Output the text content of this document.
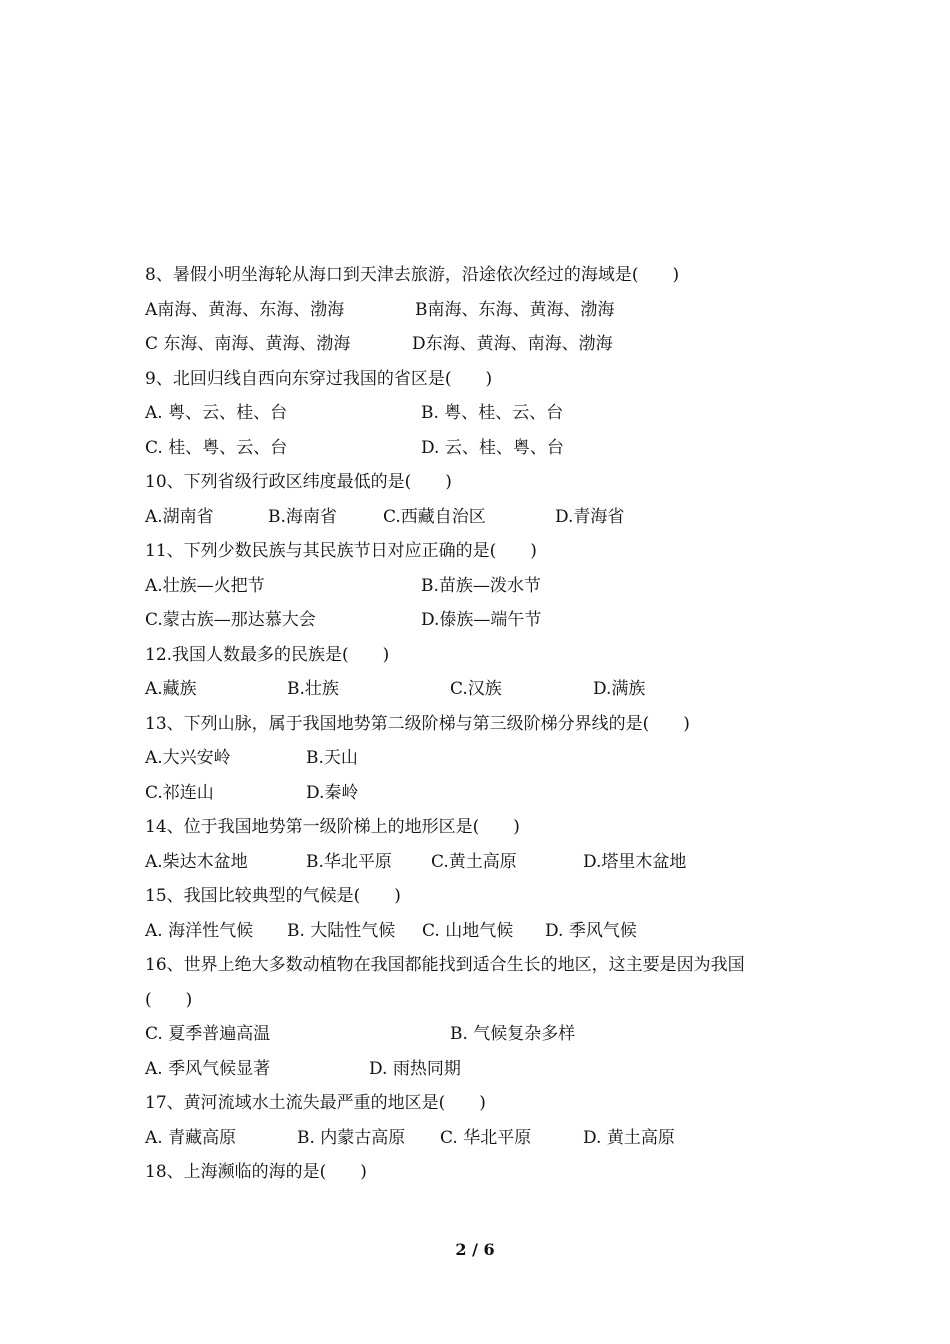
8、暑假小明坐海轮从海口到天津去旅游，沿途依次经过的海域是(　　)
A南海、黄海、东海、渤海	B南海、东海、黄海、渤海
C 东海、南海、黄海、渤海	D东海、黄海、南海、渤海
9、北回归线自西向东穿过我国的省区是(　　)
A. 粤、云、桂、台	B. 粤、桂、云、台
C. 桂、粤、云、台	D. 云、桂、粤、台
10、下列省级行政区纬度最低的是(　　)
A.湖南省	B.海南省	C.西藏自治区	D.青海省
11、下列少数民族与其民族节日对应正确的是(　　)
A.壮族—火把节	B.苗族—泼水节
C.蒙古族—那达慕大会	D.傣族—端午节
12.我国人数最多的民族是(　　)
A.藏族	B.壮族	C.汉族	D.满族
13、下列山脉，属于我国地势第二级阶梯与第三级阶梯分界线的是(　　)
A.大兴安岭	B.天山
C.祁连山	D.秦岭
14、位于我国地势第一级阶梯上的地形区是(　　)
A.柴达木盆地	B.华北平原 C.黄土高原	D.塔里木盆地
15、我国比较典型的气候是(　　)
A. 海洋性气候 B. 大陆性气候 C. 山地气候 D. 季风气候
16、世界上绝大多数动植物在我国都能找到适合生长的地区，这主要是因为我国
(　　)
C. 夏季普遍高温	B. 气候复杂多样
A. 季风气候显著	D. 雨热同期
17、黄河流域水土流失最严重的地区是(　　)
A. 青藏高原	B. 内蒙古高原 C. 华北平原	D. 黄土高原
18、上海濒临的海的是(　　)
2 / 6
